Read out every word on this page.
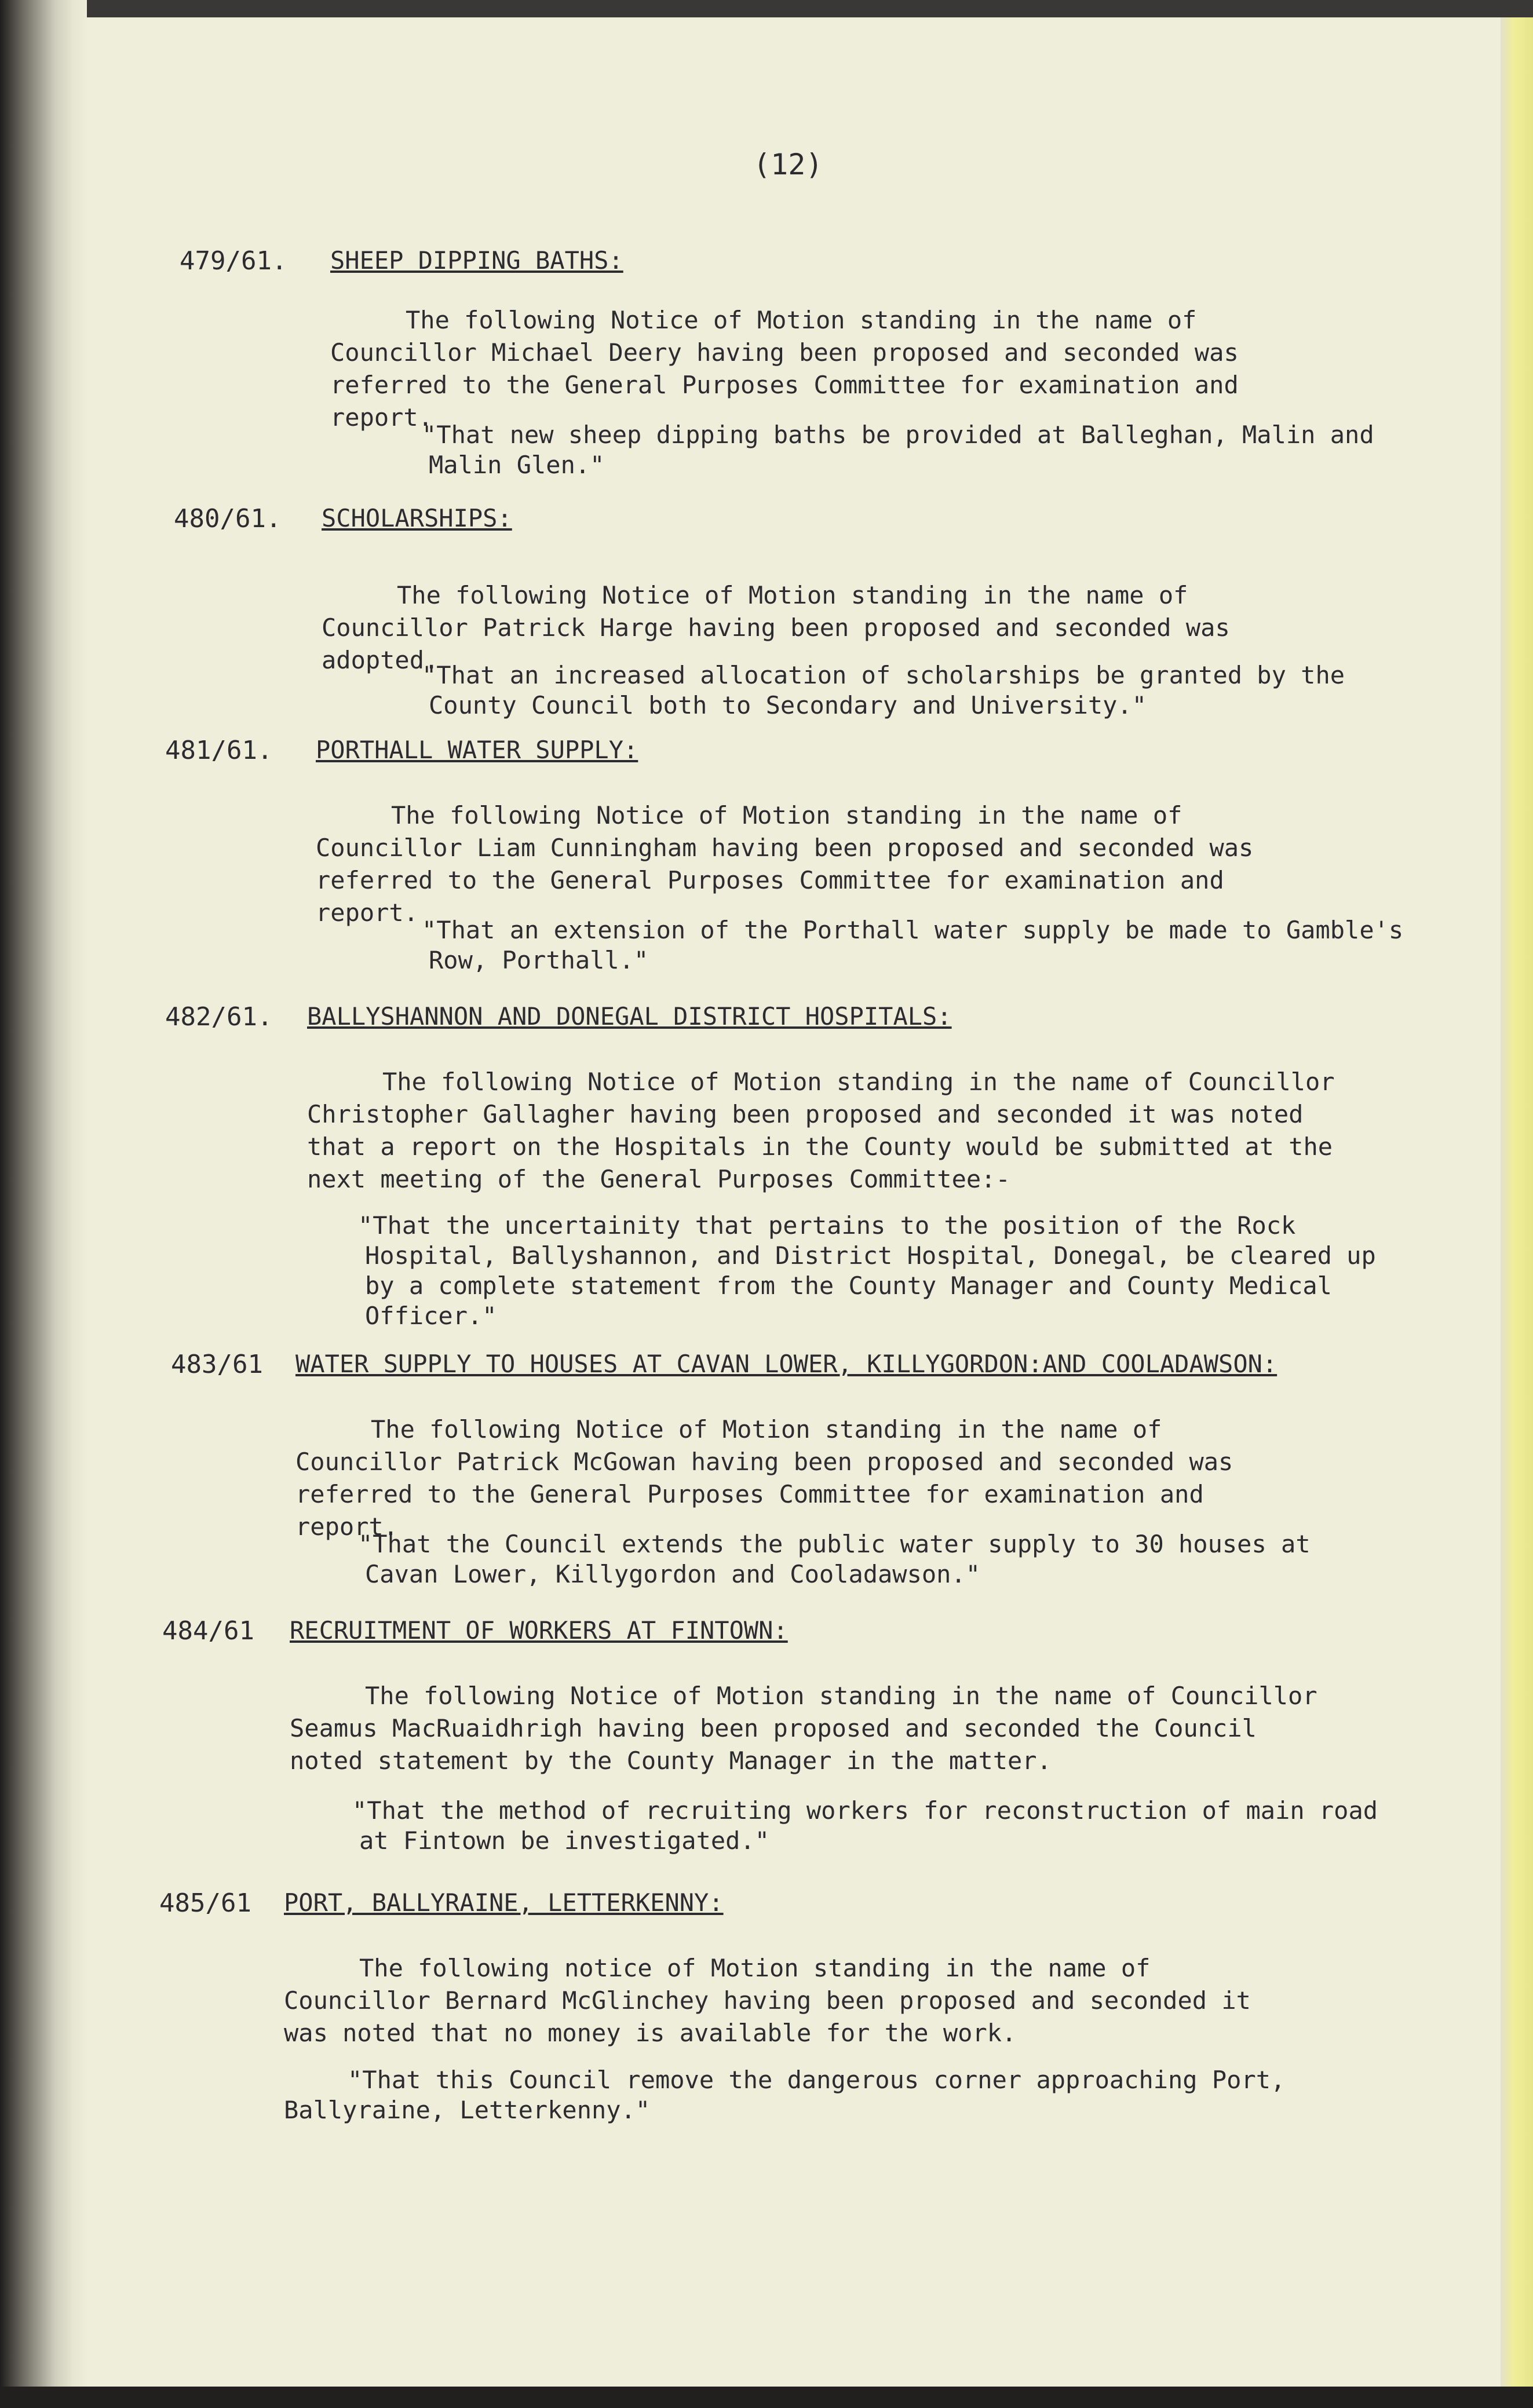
(12)
479/61. SHEEP DIPPING BATHS:

The following Notice of Motion standing in the name of Councillor Michael Deery having been proposed and seconded was referred to the General Purposes Committee for examination and report.

"That new sheep dipping baths be provided at Balleghan, Malin and Malin Glen."

480/61. SCHOLARSHIPS:

The following Notice of Motion standing in the name of Councillor Patrick Harge having been proposed and seconded was adopted.

"That an increased allocation of scholarships be granted by the County Council both to Secondary and University."

481/61. PORTHALL WATER SUPPLY:

The following Notice of Motion standing in the name of Councillor Liam Cunningham having been proposed and seconded was referred to the General Purposes Committee for examination and report.

"That an extension of the Porthall water supply be made to Gamble's Row, Porthall."

482/61. BALLYSHANNON AND DONEGAL DISTRICT HOSPITALS:

The following Notice of Motion standing in the name of Councillor Christopher Gallagher having been proposed and seconded it was noted that a report on the Hospitals in the County would be submitted at the next meeting of the General Purposes Committee:-

"That the uncertainity that pertains to the position of the Rock Hospital, Ballyshannon, and District Hospital, Donegal, be cleared up by a complete statement from the County Manager and County Medical Officer."

483/61 WATER SUPPLY TO HOUSES AT CAVAN LOWER, KILLYGORDON:AND COOLADAWSON:

The following Notice of Motion standing in the name of Councillor Patrick McGowan having been proposed and seconded was referred to the General Purposes Committee for examination and report.

"That the Council extends the public water supply to 30 houses at Cavan Lower, Killygordon and Cooladawson."

484/61 RECRUITMENT OF WORKERS AT FINTOWN:

The following Notice of Motion standing in the name of Councillor Seamus MacRuaidhrigh having been proposed and seconded the Council noted statement by the County Manager in the matter.

"That the method of recruiting workers for reconstruction of main road at Fintown be investigated."

485/61 PORT, BALLYRAINE, LETTERKENNY:

The following notice of Motion standing in the name of Councillor Bernard McGlinchey having been proposed and seconded it was noted that no money is available for the work.

"That this Council remove the dangerous corner approaching Port, Ballyraine, Letterkenny."
